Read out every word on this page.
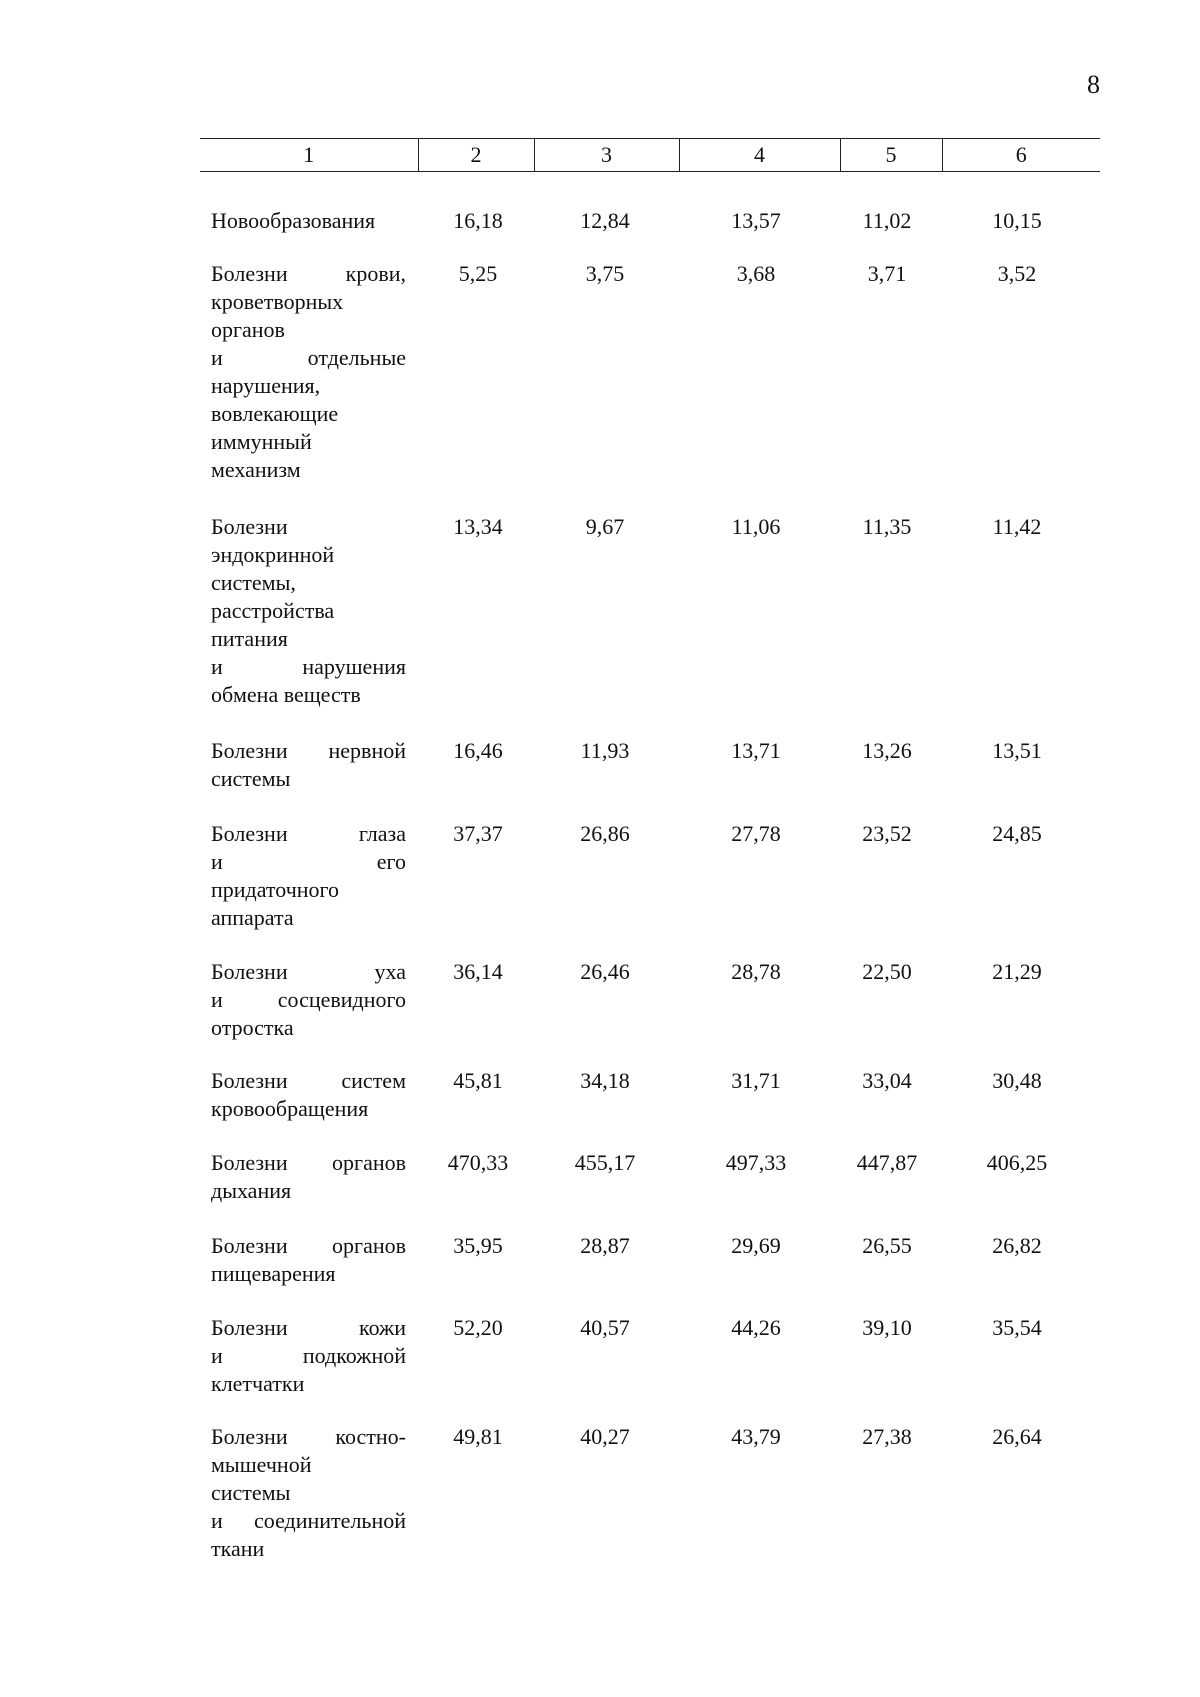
8
1	2	3	4	5	6
Новообразования	16,18	12,84	13,57	11,02	10,15
Болезни крови,
кроветворных
органов
и отдельные
нарушения,
вовлекающие
иммунный
механизм
5,25	3,75	3,68	3,71	3,52
Болезни
эндокринной
системы,
расстройства
питания
и нарушения
обмена веществ
13,34	9,67	11,06	11,35	11,42
Болезни нервной
системы
16,46	11,93	13,71	13,26	13,51
Болезни глаза
и его
придаточного
аппарата
37,37	26,86	27,78	23,52	24,85
Болезни уха
и сосцевидного
отростка
36,14	26,46	28,78	22,50	21,29
Болезни систем
кровообращения
45,81	34,18	31,71	33,04	30,48
Болезни органов
дыхания
470,33	455,17	497,33	447,87	406,25
Болезни органов
пищеварения
35,95	28,87	29,69	26,55	26,82
Болезни кожи
и подкожной
клетчатки
52,20	40,57	44,26	39,10	35,54
Болезни костно-
мышечной
системы
и соединительной
ткани
49,81	40,27	43,79	27,38	26,64
